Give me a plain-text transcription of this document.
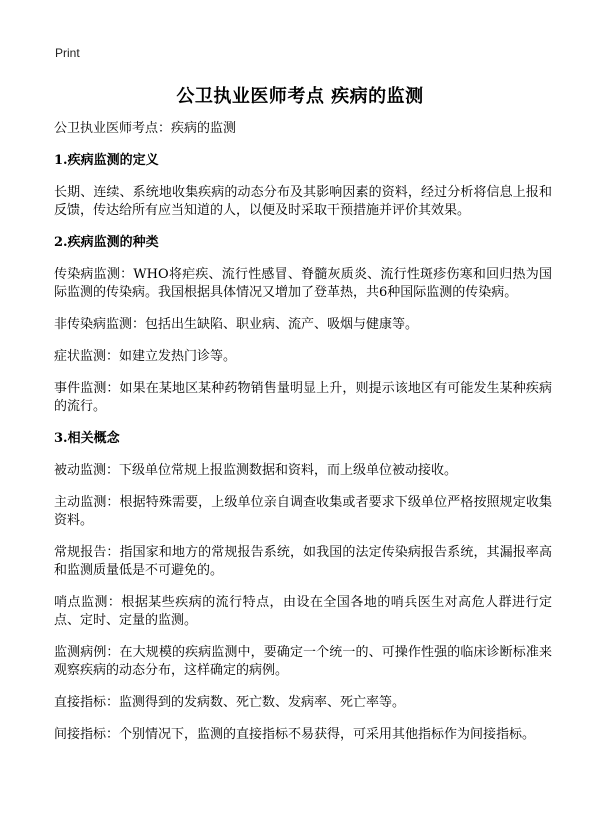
Print
公卫执业医师考点 疾病的监测

公卫执业医师考点：疾病的监测

1.疾病监测的定义

长期、连续、系统地收集疾病的动态分布及其影响因素的资料，经过分析将信息上报和反馈，传达给所有应当知道的人，以便及时采取干预措施并评价其效果。

2.疾病监测的种类

传染病监测：WHO将疟疾、流行性感冒、脊髓灰质炎、流行性斑疹伤寒和回归热为国际监测的传染病。我国根据具体情况又增加了登革热，共6种国际监测的传染病。

非传染病监测：包括出生缺陷、职业病、流产、吸烟与健康等。

症状监测：如建立发热门诊等。

事件监测：如果在某地区某种药物销售量明显上升，则提示该地区有可能发生某种疾病的流行。

3.相关概念

被动监测：下级单位常规上报监测数据和资料，而上级单位被动接收。

主动监测：根据特殊需要，上级单位亲自调查收集或者要求下级单位严格按照规定收集资料。

常规报告：指国家和地方的常规报告系统，如我国的法定传染病报告系统，其漏报率高和监测质量低是不可避免的。

哨点监测：根据某些疾病的流行特点，由设在全国各地的哨兵医生对高危人群进行定点、定时、定量的监测。

监测病例：在大规模的疾病监测中，要确定一个统一的、可操作性强的临床诊断标准来观察疾病的动态分布，这样确定的病例。

直接指标：监测得到的发病数、死亡数、发病率、死亡率等。

间接指标：个别情况下，监测的直接指标不易获得，可采用其他指标作为间接指标。
